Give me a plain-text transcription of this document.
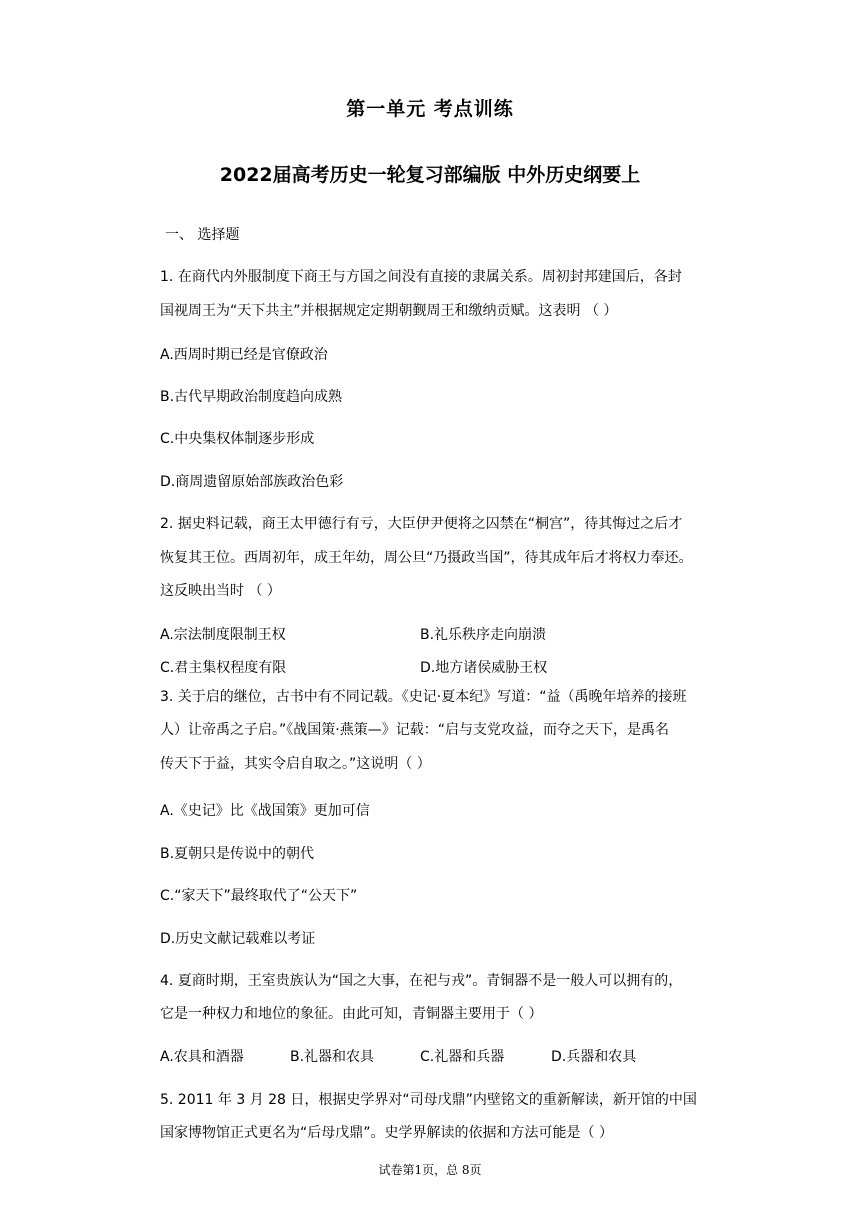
第一单元 考点训练
2022届高考历史一轮复习部编版 中外历史纲要上
一、 选择题
1. 在商代内外服制度下商王与方国之间没有直接的隶属关系。周初封邦建国后，各封
国视周王为“天下共主”并根据规定定期朝觐周王和缴纳贡赋。这表明 （ ）
A.西周时期已经是官僚政治
B.古代早期政治制度趋向成熟
C.中央集权体制逐步形成
D.商周遗留原始部族政治色彩
2. 据史料记载，商王太甲德行有亏，大臣伊尹便将之囚禁在“桐宫”，待其悔过之后才
恢复其王位。西周初年，成王年幼，周公旦“乃摄政当国”，待其成年后才将权力奉还。
这反映出当时 （ ）
A.宗法制度限制王权	B.礼乐秩序走向崩溃
C.君主集权程度有限	D.地方诸侯威胁王权
3. 关于启的继位，古书中有不同记载。《史记·夏本纪》写道：“益（禹晚年培养的接班
人）让帝禹之子启。”《战国策·燕策—》记载：“启与支党攻益，而夺之天下，是禹名
传天下于益，其实令启自取之。”这说明（ ）
A.《史记》比《战国策》更加可信
B.夏朝只是传说中的朝代
C.“家天下”最终取代了“公天下”
D.历史文献记载难以考证
4. 夏商时期，王室贵族认为“国之大事，在祀与戎”。青铜器不是一般人可以拥有的，
它是一种权力和地位的象征。由此可知，青铜器主要用于（ ）
A.农具和酒器	B.礼器和农具	C.礼器和兵器	D.兵器和农具
5. 2011 年 3 月 28 日，根据史学界对“司母戊鼎”内壁铭文的重新解读，新开馆的中国
国家博物馆正式更名为“后母戊鼎”。史学界解读的依据和方法可能是（ ）
试卷第1页，总 8页
